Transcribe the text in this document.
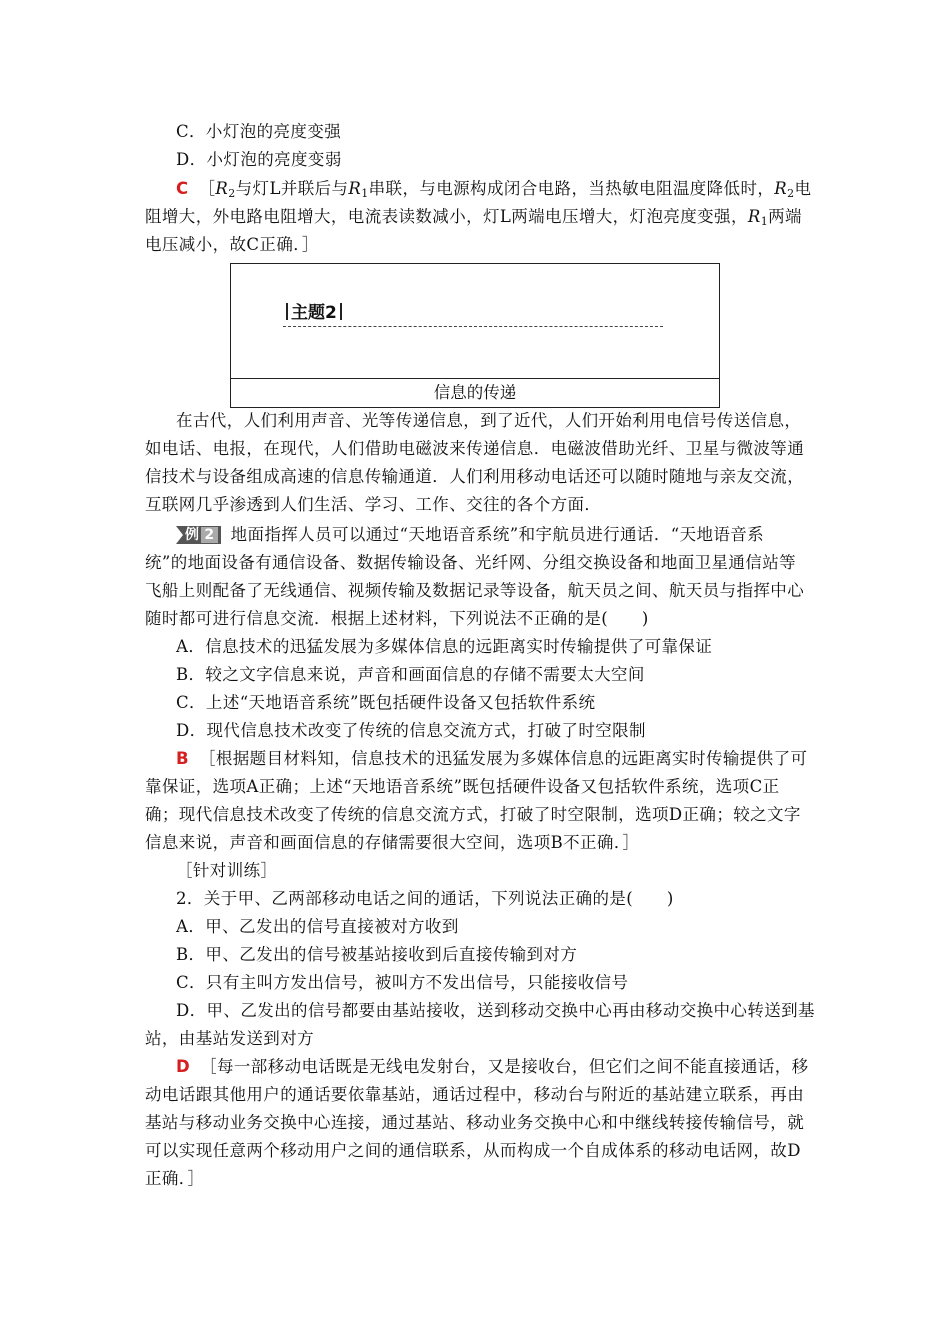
C．小灯泡的亮度变强
D．小灯泡的亮度变弱
C $[R_2$与灯L并联后与$R_1$串联，与电源构成闭合电路，当热敏电阻温度降低时，$R_2$电
阻增大，外电路电阻增大，电流表读数减小，灯L两端电压增大，灯泡亮度变强，$R_1$两端
电压减小，故C正确．］
主题2
信息的传递
在古代，人们利用声音、光等传递信息，到了近代，人们开始利用电信号传送信息，
如电话、电报，在现代，人们借助电磁波来传递信息．电磁波借助光纤、卫星与微波等通
信技术与设备组成高速的信息传输通道．人们利用移动电话还可以随时随地与亲友交流，
互联网几乎渗透到人们生活、学习、工作、交往的各个方面．
例 2 地面指挥人员可以通过“天地语音系统”和宇航员进行通话．“天地语音系
统”的地面设备有通信设备、数据传输设备、光纤网、分组交换设备和地面卫星通信站等
飞船上则配备了无线通信、视频传输及数据记录等设备，航天员之间、航天员与指挥中心
随时都可进行信息交流．根据上述材料，下列说法不正确的是(　　)
A．信息技术的迅猛发展为多媒体信息的远距离实时传输提供了可靠保证
B．较之文字信息来说，声音和画面信息的存储不需要太大空间
C．上述“天地语音系统”既包括硬件设备又包括软件系统
D．现代信息技术改变了传统的信息交流方式，打破了时空限制
B ［根据题目材料知，信息技术的迅猛发展为多媒体信息的远距离实时传输提供了可
靠保证，选项A正确；上述“天地语音系统”既包括硬件设备又包括软件系统，选项C正
确；现代信息技术改变了传统的信息交流方式，打破了时空限制，选项D正确；较之文字
信息来说，声音和画面信息的存储需要很大空间，选项B不正确．］
［针对训练］
2．关于甲、乙两部移动电话之间的通话，下列说法正确的是(　　)
A．甲、乙发出的信号直接被对方收到
B．甲、乙发出的信号被基站接收到后直接传输到对方
C．只有主叫方发出信号，被叫方不发出信号，只能接收信号
D．甲、乙发出的信号都要由基站接收，送到移动交换中心再由移动交换中心转送到基
站，由基站发送到对方
D ［每一部移动电话既是无线电发射台，又是接收台，但它们之间不能直接通话，移
动电话跟其他用户的通话要依靠基站，通话过程中，移动台与附近的基站建立联系，再由
基站与移动业务交换中心连接，通过基站、移动业务交换中心和中继线转接传输信号，就
可以实现任意两个移动用户之间的通信联系，从而构成一个自成体系的移动电话网，故D
正确．］
